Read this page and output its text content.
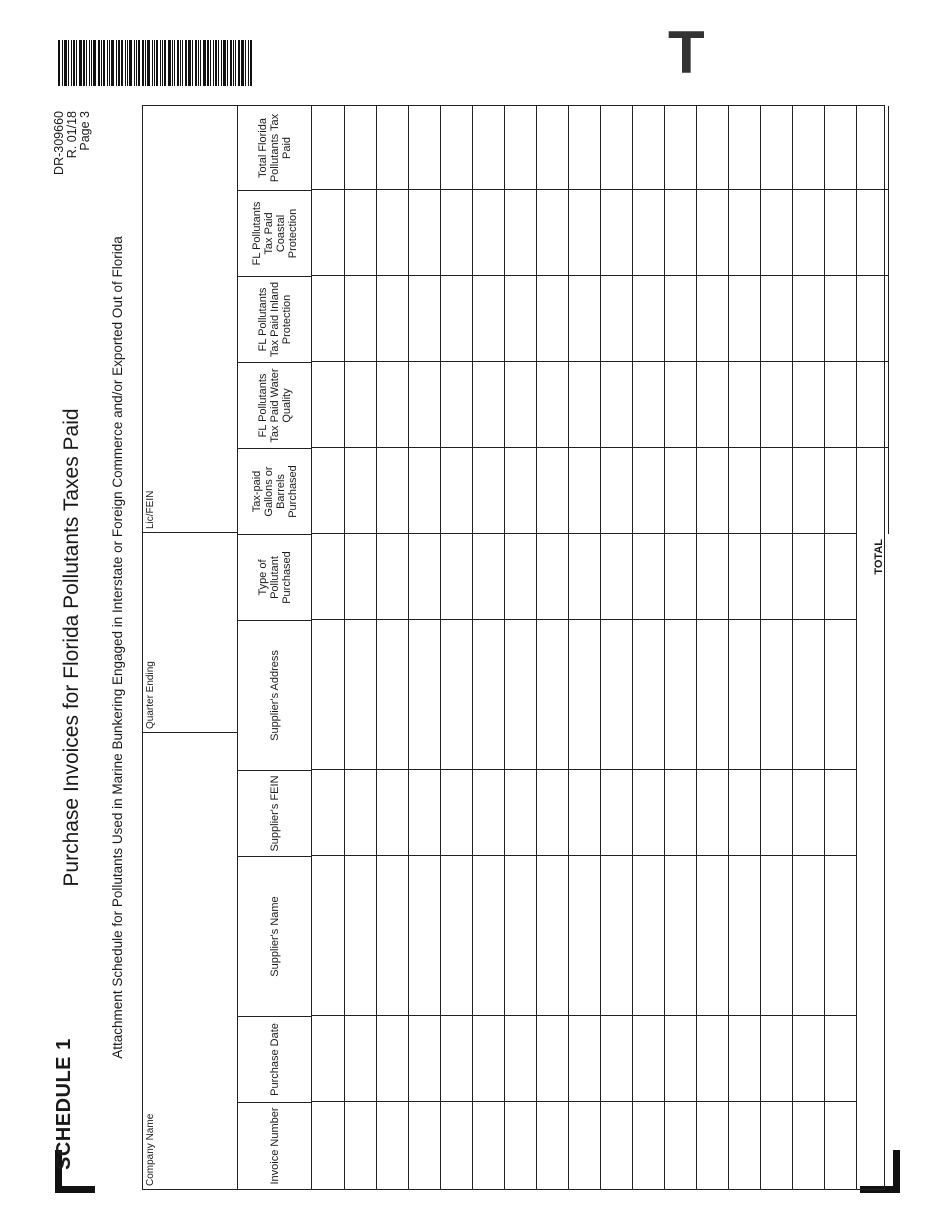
T
SCHEDULE 1
Purchase Invoices for Florida Pollutants Taxes Paid Attachment Schedule for Pollutants Used in Marine Bunkering Engaged in Interstate or Foreign Commerce and/or Exported Out of Florida
DR-309660 R. 01/18 Page 3
Company Name
Quarter Ending
Lic/FEIN
Invoice Number
Purchase Date
Supplier's Name
Supplier's FEIN
Supplier's Address
Type of Pollutant Purchased
Tax-paid Gallons or Barrels Purchased
FL Pollutants Tax Paid Water Quality
FL Pollutants Tax Paid Inland Protection
FL Pollutants Tax Paid Coastal Protection
Total Florida Pollutants Tax Paid
TOTAL
